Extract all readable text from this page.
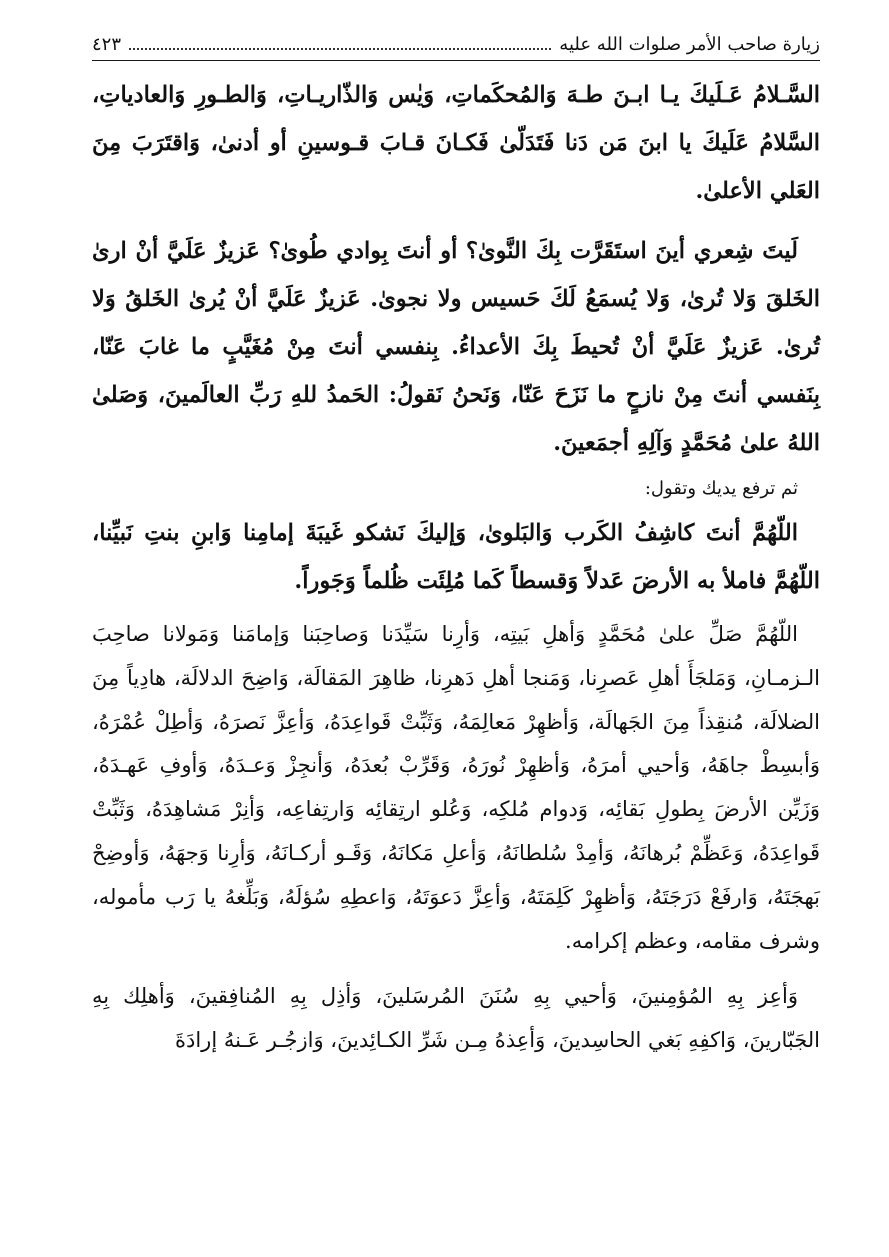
زيارة صاحب الأمر صلوات الله عليه
٤٢٣

السَّـلامُ عَـلَيكَ يـا ابـنَ طـهَ وَالمُحكَماتِ، وَيٰس وَالذّاريـاتِ، وَالطـورِ وَالعادياتِ، السَّلامُ عَلَيكَ يا ابنَ مَن دَنا فَتَدَلّىٰ فَكـانَ قـابَ قـوسينِ أو أدنىٰ، وَاقتَرَبَ مِنَ العَلي الأعلىٰ.

لَيتَ شِعري أينَ استَقَرَّت بِكَ النَّوىٰ؟ أو أنتَ بِوادي طُوىٰ؟ عَزيزٌ عَلَيَّ أنْ اریٰ الخَلقَ وَلا تُریٰ، وَلا يُسمَعُ لَكَ حَسيس ولا نجوىٰ. عَزيزٌ عَلَيَّ أنْ يُرىٰ الخَلقُ وَلا تُرىٰ. عَزيزٌ عَلَيَّ أنْ تُحيطَ بِكَ الأعداءُ. بِنفسي أنتَ مِنْ مُغَيَّبٍ ما غابَ عَنّا، بِنَفسي أنتَ مِنْ نازحٍ ما نَزَحَ عَنّا، وَنَحنُ نَقولُ: الحَمدُ للهِ رَبِّ العالَمينَ، وَصَلىٰ اللهُ علىٰ مُحَمَّدٍ وَآلِهِ أجمَعينَ.

ثم ترفع يديك وتقول:

اللّهُمَّ أنتَ كاشِفُ الكَرب وَالبَلوىٰ، وَإليكَ نَشكو غَيبَةَ إمامِنا وَابنِ بنتِ نَبيِّنا، اللّهُمَّ فاملأ به الأرضَ عَدلاً وَقسطاً كَما مُلِئَت ظُلماً وَجَوراً.

اللّهُمَّ صَلِّ علىٰ مُحَمَّدٍ وَأهلِ بَيتِه، وَأرِنا سَيِّدَنا وَصاحِبَنا وَإمامَنا وَمَولانا صاحِبَ الـزمـانِ، وَمَلجَأَ أهلِ عَصرِنا، وَمَنجا أهلِ دَهرِنا، ظاهِرَ المَقالَة، وَاضِحَ الدلالَة، هادِياً مِنَ الضلالَة، مُنقِذاً مِنَ الجَهالَة، وَأظهِرْ مَعالِمَهُ، وَثَبِّتْ قَواعِدَهُ، وَأعِزَّ نَصرَهُ، وَأطِلْ عُمْرَهُ، وَأبسِطْ جاهَهُ، وَأحيي أمرَهُ، وَأظهِرْ نُورَهُ، وَقَرِّبْ بُعدَهُ، وَأنجِزْ وَعـدَهُ، وَأوفِ عَهـدَهُ، وَزَيِّن الأرضَ بِطولِ بَقائِه، وَدوام مُلكِه، وَعُلو ارتِقائِه وَارتِفاعِه، وَأنِرْ مَشاهِدَهُ، وَثَبِّتْ قَواعِدَهُ، وَعَظِّمْ بُرهانَهُ، وَأمِدْ سُلطانَهُ، وَأعلِ مَكانَهُ، وَقَـو أركـانَهُ، وَأرِنا وَجهَهُ، وَأوضِحْ بَهجَتَهُ، وَارفَعْ دَرَجَتَهُ، وَأظهِرْ كَلِمَتَهُ، وَأعِزَّ دَعوَتَهُ، وَاعطِهِ سُؤلَهُ، وَبَلِّغهُ يا رَب مأموله، وشرف مقامه، وعظم إكرامه.

وَأعِز بِهِ المُؤمِنينَ، وَأحيي بِهِ سُنَنَ المُرسَلينَ، وَأذِل بِهِ المُنافِقينَ، وَأهلِك بِهِ الجَبّارينَ، وَاكفِهِ بَغي الحاسِدينَ، وَأعِذهُ مِـن شَرِّ الكـائِدينَ، وَازجُـر عَـنهُ إرادَةَ
